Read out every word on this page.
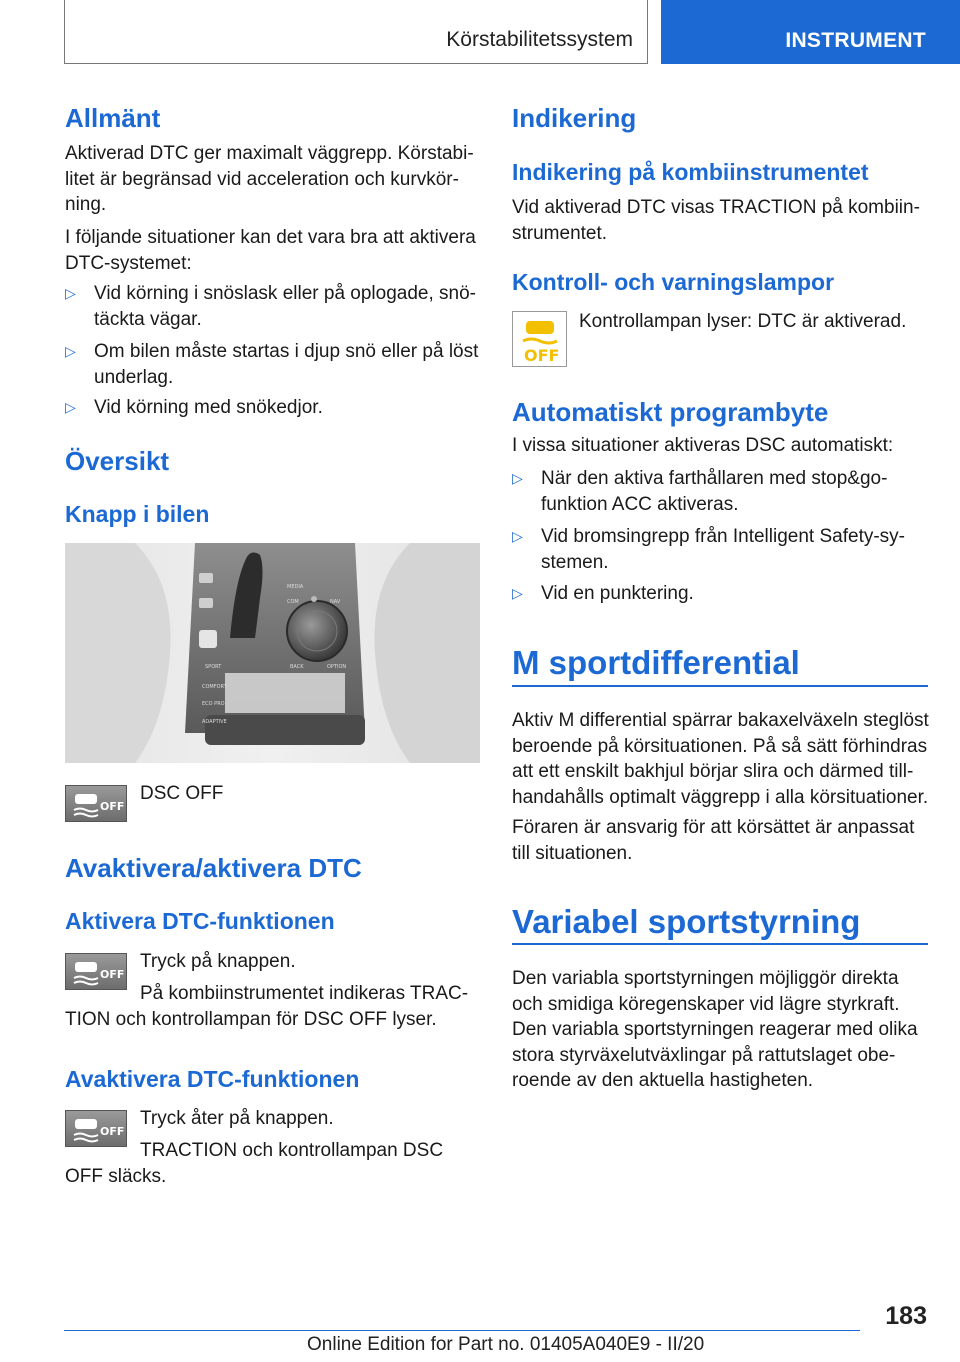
Körstabilitetssystem	INSTRUMENT
Allmänt

Aktiverad DTC ger maximalt väggrepp. Körstabi-
litet är begränsad vid acceleration och kurvkör-
ning.

I följande situationer kan det vara bra att aktivera
DTC-systemet:

▷ Vid körning i snöslask eller på oplogade, snö-
täckta vägar.
▷ Om bilen måste startas i djup snö eller på löst
underlag.
▷ Vid körning med snökedjor.
Översikt
Knapp i bilen
MEDIA
COM	NAV
BACK	OPTION
SPORT
COMFORT
ECO PRO
ADAPTIVE
OFF

DSC OFF

Avaktivera/aktivera DTC
Aktivera DTC-funktionen
OFF

Tryck på knappen.

På kombiinstrumentet indikeras TRAC-

TION och kontrollampan för DSC OFF lyser.

Avaktivera DTC-funktionen
OFF

Tryck åter på knappen.

TRACTION och kontrollampan DSC

OFF släcks.

Indikering
Indikering på kombiinstrumentet

Vid aktiverad DTC visas TRACTION på kombiin-
strumentet.

Kontroll- och varningslampor
OFF

Kontrollampan lyser: DTC är aktiverad.

Automatiskt programbyte

I vissa situationer aktiveras DSC automatiskt:

▷ När den aktiva farthållaren med stop&go-
funktion ACC aktiveras.
▷ Vid bromsingrepp från Intelligent Safety-sy-
stemen.
▷ Vid en punktering.
M sportdifferential

Aktiv M differential spärrar bakaxelväxeln steglöst
beroende på körsituationen. På så sätt förhindras
att ett enskilt bakhjul börjar slira och därmed till-
handahålls optimalt väggrepp i alla körsituationer.

Föraren är ansvarig för att körsättet är anpassat
till situationen.

Variabel sportstyrning

Den variabla sportstyrningen möjliggör direkta
och smidiga köregenskaper vid lägre styrkraft.
Den variabla sportstyrningen reagerar med olika
stora styrväxelutväxlingar på rattutslaget obe-
roende av den aktuella hastigheten.

183
Online Edition for Part no. 01405A040E9 - II/20
